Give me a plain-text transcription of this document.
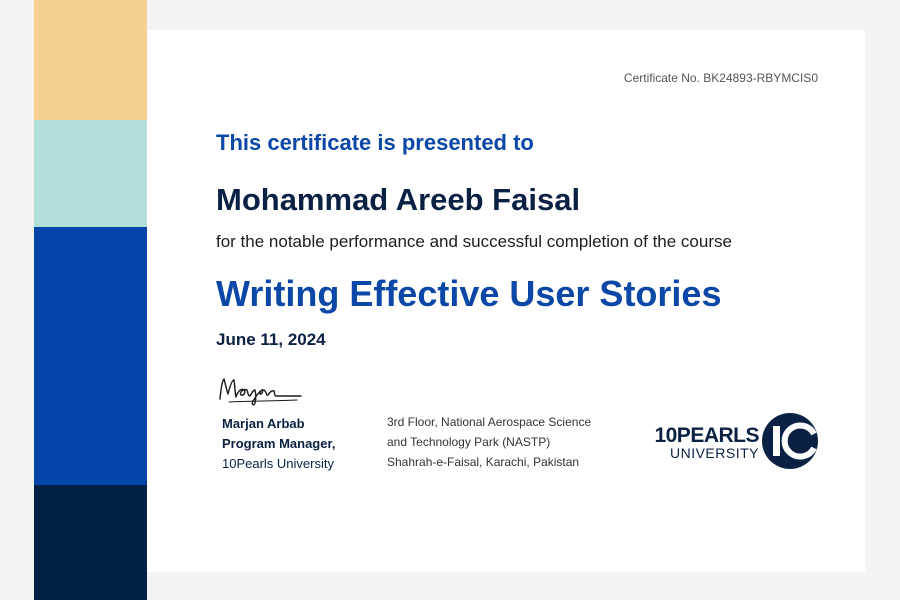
Certificate No. BK24893-RBYMCIS0
This certificate is presented to
Mohammad Areeb Faisal
for the notable performance and successful completion of the course
Writing Effective User Stories
June 11, 2024
Marjan Arbab
Program Manager,
10Pearls University
3rd Floor, National Aerospace Science
and Technology Park (NASTP)
Shahrah-e-Faisal, Karachi, Pakistan
10PEARLS
UNIVERSITY
